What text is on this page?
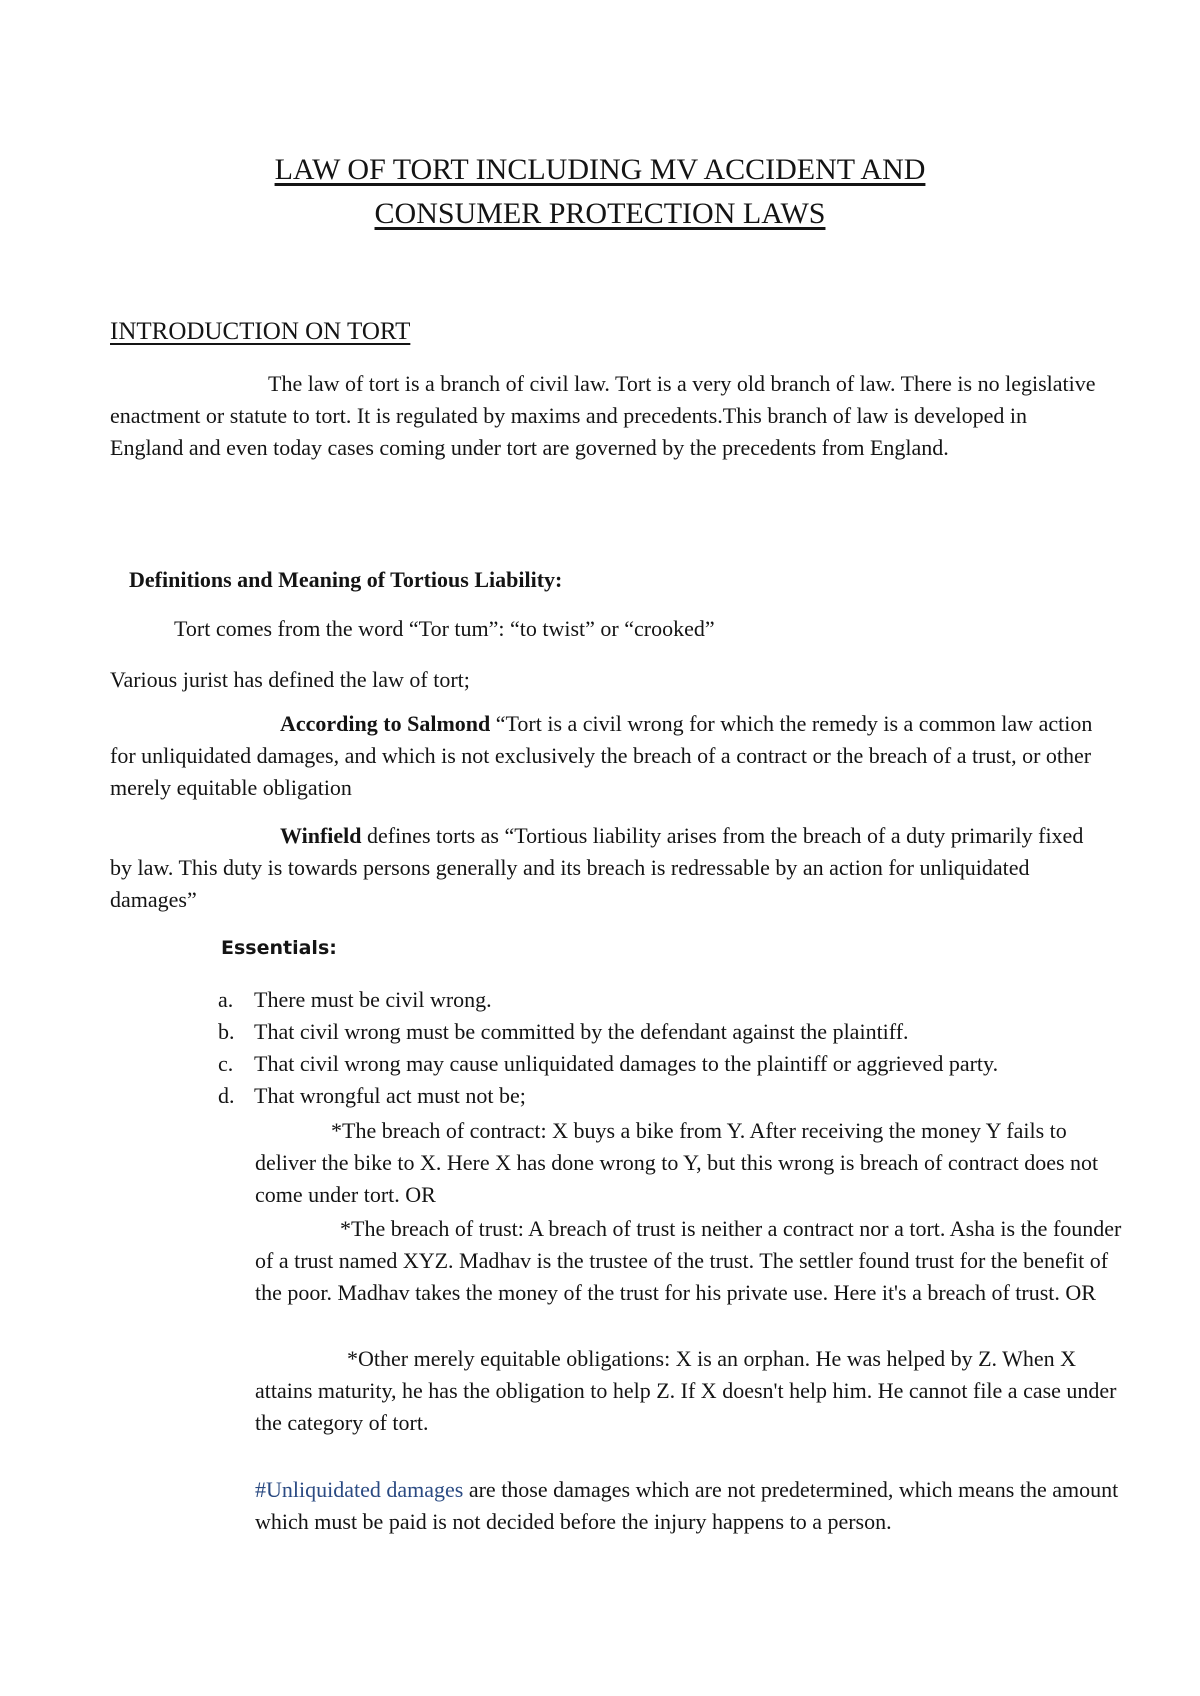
LAW OF TORT INCLUDING MV ACCIDENT AND
CONSUMER PROTECTION LAWS
INTRODUCTION ON TORT

The law of tort is a branch of civil law. Tort is a very old branch of law. There is no legislative enactment or statute to tort. It is regulated by maxims and precedents.This branch of law is developed in England and even today cases coming under tort are governed by the precedents from England.

Definitions and Meaning of Tortious Liability:

Tort comes from the word “Tor tum”: “to twist” or “crooked”

Various jurist has defined the law of tort;

According to Salmond “Tort is a civil wrong for which the remedy is a common law action for unliquidated damages, and which is not exclusively the breach of a contract or the breach of a trust, or other merely equitable obligation

Winfield defines torts as “Tortious liability arises from the breach of a duty primarily fixed by law. This duty is towards persons generally and its breach is redressable by an action for unliquidated damages”

Essentials:
a. There must be civil wrong.
b. That civil wrong must be committed by the defendant against the plaintiff.
c. That civil wrong may cause unliquidated damages to the plaintiff or aggrieved party.
d. That wrongful act must not be;

*The breach of contract: X buys a bike from Y. After receiving the money Y fails to deliver the bike to X. Here X has done wrong to Y, but this wrong is breach of contract does not come under tort. OR

*The breach of trust: A breach of trust is neither a contract nor a tort. Asha is the founder of a trust named XYZ. Madhav is the trustee of the trust. The settler found trust for the benefit of the poor. Madhav takes the money of the trust for his private use. Here it's a breach of trust. OR

*Other merely equitable obligations: X is an orphan. He was helped by Z. When X attains maturity, he has the obligation to help Z. If X doesn't help him. He cannot file a case under the category of tort.

#Unliquidated damages are those damages which are not predetermined, which means the amount which must be paid is not decided before the injury happens to a person.
